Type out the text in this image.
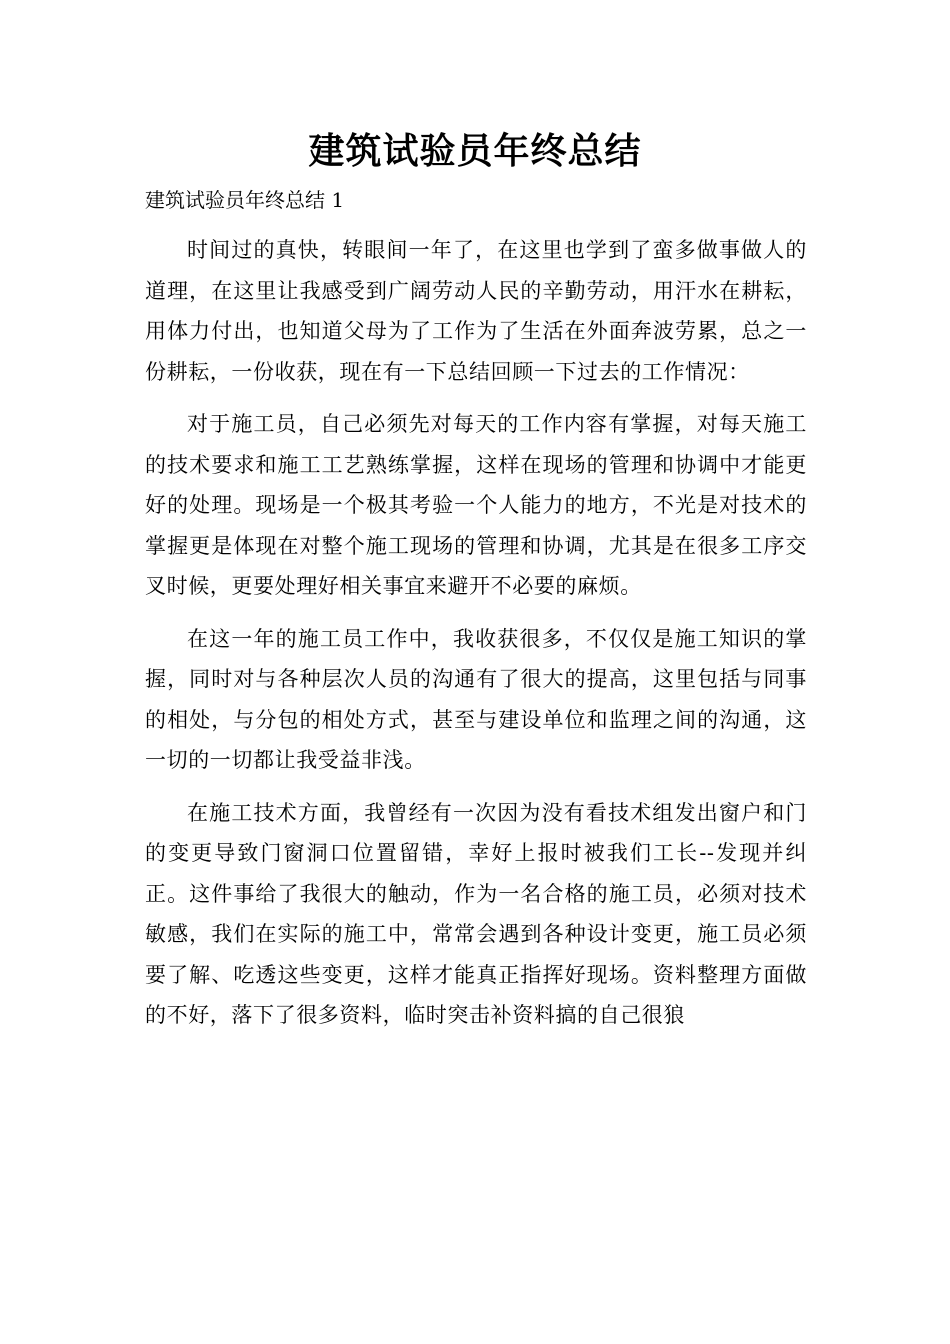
建筑试验员年终总结
建筑试验员年终总结 1

时间过的真快，转眼间一年了，在这里也学到了蛮多做事做人的道理，在这里让我感受到广阔劳动人民的辛勤劳动，用汗水在耕耘，用体力付出，也知道父母为了工作为了生活在外面奔波劳累，总之一份耕耘，一份收获，现在有一下总结回顾一下过去的工作情况：

对于施工员，自己必须先对每天的工作内容有掌握，对每天施工的技术要求和施工工艺熟练掌握，这样在现场的管理和协调中才能更好的处理。现场是一个极其考验一个人能力的地方，不光是对技术的掌握更是体现在对整个施工现场的管理和协调，尤其是在很多工序交叉时候，更要处理好相关事宜来避开不必要的麻烦。

在这一年的施工员工作中，我收获很多，不仅仅是施工知识的掌握，同时对与各种层次人员的沟通有了很大的提高，这里包括与同事的相处，与分包的相处方式，甚至与建设单位和监理之间的沟通，这一切的一切都让我受益非浅。

在施工技术方面，我曾经有一次因为没有看技术组发出窗户和门的变更导致门窗洞口位置留错，幸好上报时被我们工长--发现并纠正。这件事给了我很大的触动，作为一名合格的施工员，必须对技术敏感，我们在实际的施工中，常常会遇到各种设计变更，施工员必须要了解、吃透这些变更，这样才能真正指挥好现场。资料整理方面做的不好，落下了很多资料，临时突击补资料搞的自己很狼
